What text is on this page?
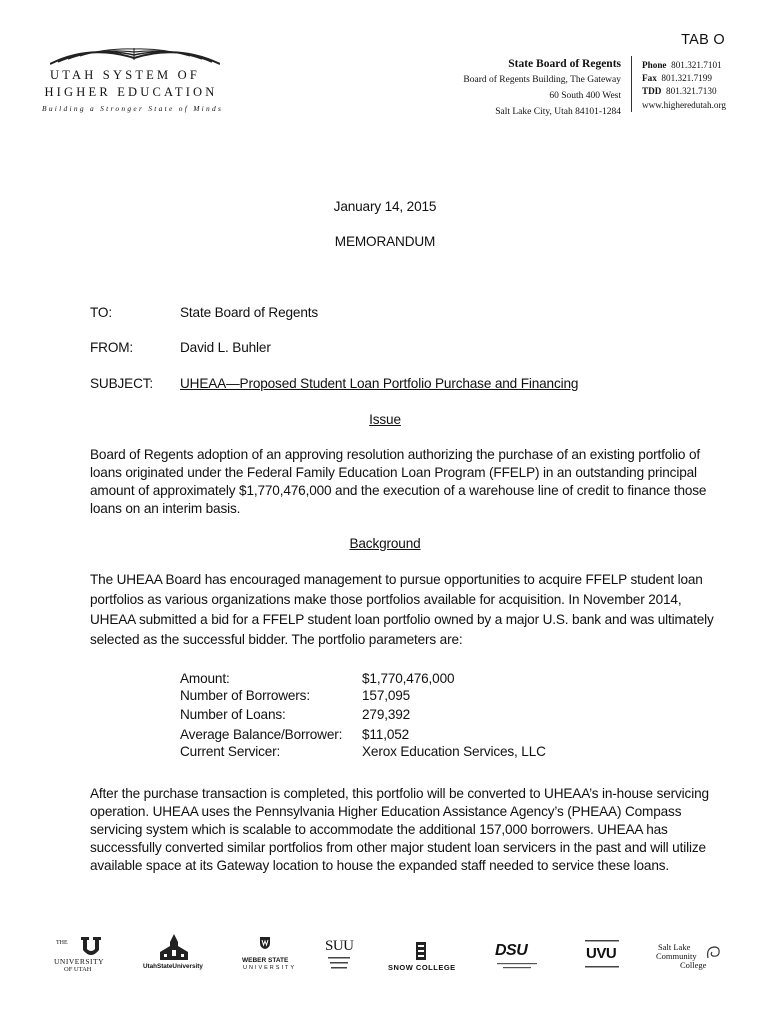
TAB O
UTAH SYSTEM OF
HIGHER EDUCATION
Building a Stronger State of Minds
State Board of Regents
Board of Regents Building, The Gateway
60 South 400 West
Salt Lake City, Utah 84101-1284
Phone 801.321.7101
Fax 801.321.7199
TDD 801.321.7130
www.higheredutah.org
January 14, 2015
MEMORANDUM
TO:	State Board of Regents
FROM:	David L. Buhler
SUBJECT: UHEAA—Proposed Student Loan Portfolio Purchase and Financing
Issue
Board of Regents adoption of an approving resolution authorizing the purchase of an existing portfolio of
loans originated under the Federal Family Education Loan Program (FFELP) in an outstanding principal
amount of approximately $1,770,476,000 and the execution of a warehouse line of credit to finance those
loans on an interim basis.
Background
The UHEAA Board has encouraged management to pursue opportunities to acquire FFELP student loan
portfolios as various organizations make those portfolios available for acquisition. In November 2014,
UHEAA submitted a bid for a FFELP student loan portfolio owned by a major U.S. bank and was ultimately
selected as the successful bidder. The portfolio parameters are:
Amount:	$1,770,476,000
Number of Borrowers:	157,095
Number of Loans:	279,392
Average Balance/Borrower: $11,052
Current Servicer:	Xerox Education Services, LLC
After the purchase transaction is completed, this portfolio will be converted to UHEAA’s in-house servicing
operation. UHEAA uses the Pennsylvania Higher Education Assistance Agency’s (PHEAA) Compass
servicing system which is scalable to accommodate the additional 157,000 borrowers. UHEAA has
successfully converted similar portfolios from other major student loan servicers in the past and will utilize
available space at its Gateway location to house the expanded staff needed to service these loans.
THE
UNIVERSITY
OF UTAH	UtahStateUniversity
WEBER STATE
UNIVERSITY
SUU
SNOW COLLEGE
DSU	UVU	Salt Lake
Community
College
